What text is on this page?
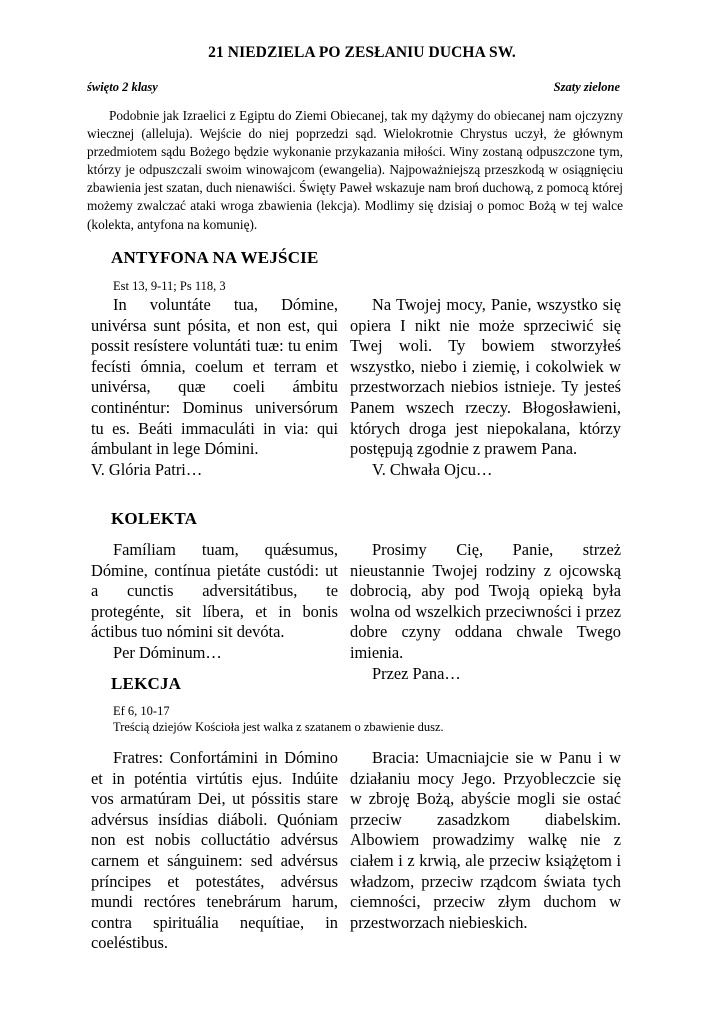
21 NIEDZIELA PO ZESŁANIU DUCHA SW.
święto 2 klasy	Szaty zielone

Podobnie jak Izraelici z Egiptu do Ziemi Obiecanej, tak my dążymy do obiecanej nam ojczyzny wiecznej (alleluja). Wejście do niej poprzedzi sąd. Wielokrotnie Chrystus uczył, że głównym przedmiotem sądu Bożego będzie wykonanie przykazania miłości. Winy zostaną odpuszczone tym, którzy je odpuszczali swoim winowajcom (ewangelia). Najpoważniejszą przeszkodą w osiągnięciu zbawienia jest szatan, duch nienawiści. Święty Paweł wskazuje nam broń duchową, z pomocą której możemy zwalczać ataki wroga zbawienia (lekcja). Modlimy się dzisiaj o pomoc Bożą w tej walce (kolekta, antyfona na komunię).

ANTYFONA NA WEJŚCIE
Est 13, 9-11; Ps 118, 3

In voluntáte tua, Dómine, univérsa sunt pósita, et non est, qui possit resístere voluntáti tuæ: tu enim fecísti ómnia, coelum et terram et univérsa, quæ coeli ámbitu continéntur: Dominus universórum tu es. Beáti immaculáti in via: qui ámbulant in lege Dómini.

V. Glória Patri…

Na Twojej mocy, Panie, wszystko się opiera I nikt nie może sprzeciwić się Twej woli. Ty bowiem stworzyłeś wszystko, niebo i ziemię, i cokolwiek w przestworzach niebios istnieje. Ty jesteś Panem wszech rzeczy. Błogosławieni, których droga jest niepokalana, którzy postępują zgodnie z prawem Pana.

V. Chwała Ojcu…

KOLEKTA

Famíliam tuam, quǽsumus, Dómine, contínua pietáte custódi: ut a cunctis adversitátibus, te protegénte, sit líbera, et in bonis áctibus tuo nómini sit devóta.

Per Dóminum…

Prosimy Cię, Panie, strzeż nieustannie Twojej rodziny z ojcowską dobrocią, aby pod Twoją opieką była wolna od wszelkich przeciwności i przez dobre czyny oddana chwale Twego imienia.

Przez Pana…

LEKCJA
Ef 6, 10-17
Treścią dziejów Kościoła jest walka z szatanem o zbawienie dusz.

Fratres: Confortámini in Dómino et in poténtia virtútis ejus. Indúite vos armatúram Dei, ut póssitis stare advérsus insídias diáboli. Quóniam non est nobis colluctátio advérsus carnem et sánguinem: sed advérsus príncipes et potestátes, advérsus mundi rectóres tenebrárum harum, contra spirituália nequítiae, in coeléstibus.

Bracia: Umacniajcie sie w Panu i w działaniu mocy Jego. Przyobleczcie się w zbroję Bożą, abyście mogli sie ostać przeciw zasadzkom diabelskim. Albowiem prowadzimy walkę nie z ciałem i z krwią, ale przeciw książętom i władzom, przeciw rządcom świata tych ciemności, przeciw złym duchom w przestworzach niebieskich.
